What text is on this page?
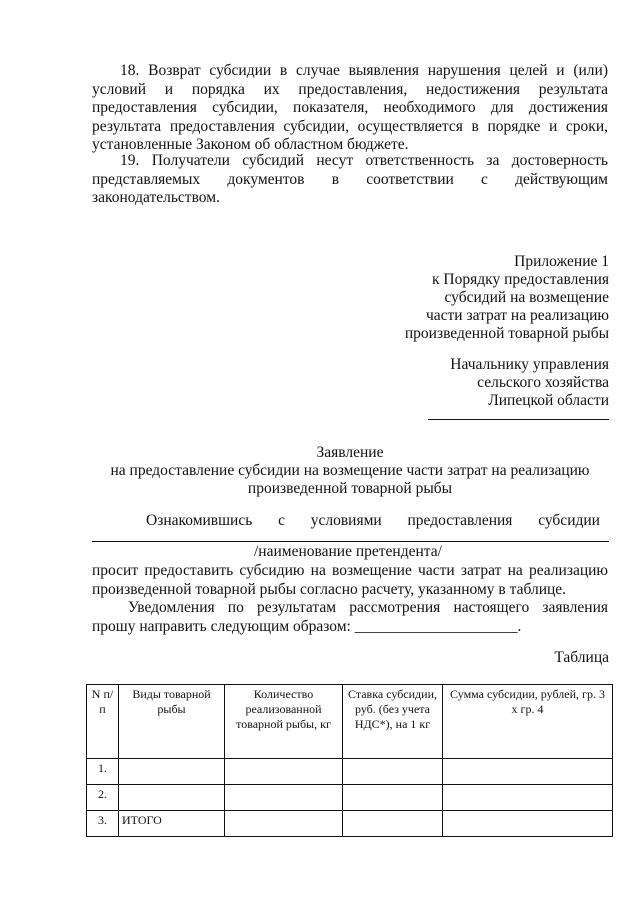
18. Возврат субсидии в случае выявления нарушения целей и (или) условий и порядка их предоставления, недостижения результата предоставления субсидии, показателя, необходимого для достижения результата предоставления субсидии, осуществляется в порядке и сроки, установленные Законом об областном бюджете.

19. Получатели субсидий несут ответственность за достоверность представляемых документов в соответствии с действующим законодательством.

Приложение 1
к Порядку предоставления
субсидий на возмещение
части затрат на реализацию
произведенной товарной рыбы
Начальнику управления
сельского хозяйства
Липецкой области
Заявление
на предоставление субсидии на возмещение части затрат на реализацию
произведенной товарной рыбы
Ознакомившись с условиями предоставления субсидии
/наименование претендента/

просит предоставить субсидию на возмещение части затрат на реализацию произведенной товарной рыбы согласно расчету, указанному в таблице.

Уведомления по результатам рассмотрения настоящего заявления прошу направить следующим образом: _____________________.

Таблица
N п/п	Виды товарной рыбы	Количество реализованной товарной рыбы, кг	Ставка субсидии, руб. (без учета НДС*), на 1 кг	Сумма субсидии, рублей, гр. 3 х гр. 4
1.				
2.				
3.	ИТОГО			
